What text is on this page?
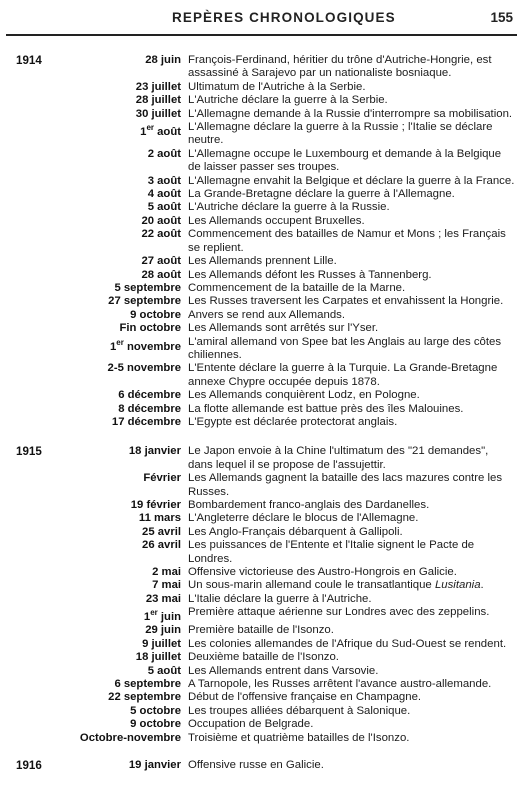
REPÈRES CHRONOLOGIQUES	155
1914	28 juin François-Ferdinand, héritier du trône d'Autriche-Hongrie, est assassiné à Sarajevo par un nationaliste bosniaque.
23 juillet Ultimatum de l'Autriche à la Serbie.
28 juillet L'Autriche déclare la guerre à la Serbie.
30 juillet L'Allemagne demande à la Russie d'interrompre sa mobilisation.
1er août L'Allemagne déclare la guerre à la Russie ; l'Italie se déclare neutre.
2 août L'Allemagne occupe le Luxembourg et demande à la Belgique de laisser passer ses troupes.
3 août L'Allemagne envahit la Belgique et déclare la guerre à la France.
4 août La Grande-Bretagne déclare la guerre à l'Allemagne.
5 août L'Autriche déclare la guerre à la Russie.
20 août Les Allemands occupent Bruxelles.
22 août Commencement des batailles de Namur et Mons ; les Français se replient.
27 août Les Allemands prennent Lille.
28 août Les Allemands défont les Russes à Tannenberg.
5 septembre Commencement de la bataille de la Marne.
27 septembre Les Russes traversent les Carpates et envahissent la Hongrie.
9 octobre Anvers se rend aux Allemands.
Fin octobre Les Allemands sont arrêtés sur l'Yser.
1er novembre L'amiral allemand von Spee bat les Anglais au large des côtes chiliennes.
2-5 novembre L'Entente déclare la guerre à la Turquie. La Grande-Bretagne annexe Chypre occupée depuis 1878.
6 décembre Les Allemands conquièrent Lodz, en Pologne.
8 décembre La flotte allemande est battue près des îles Malouines.
17 décembre L'Egypte est déclarée protectorat anglais.
1915	18 janvier Le Japon envoie à la Chine l'ultimatum des "21 demandes", dans lequel il se propose de l'assujettir.
Février Les Allemands gagnent la bataille des lacs mazures contre les Russes.
19 février Bombardement franco-anglais des Dardanelles.
11 mars L'Angleterre déclare le blocus de l'Allemagne.
25 avril Les Anglo-Français débarquent à Gallipoli.
26 avril Les puissances de l'Entente et l'Italie signent le Pacte de Londres.
2 mai Offensive victorieuse des Austro-Hongrois en Galicie.
7 mai Un sous-marin allemand coule le transatlantique Lusitania.
23 mai L'Italie déclare la guerre à l'Autriche.
1er juin Première attaque aérienne sur Londres avec des zeppelins.
29 juin Première bataille de l'Isonzo.
9 juillet Les colonies allemandes de l'Afrique du Sud-Ouest se rendent.
18 juillet Deuxième bataille de l'Isonzo.
5 août Les Allemands entrent dans Varsovie.
6 septembre A Tarnopole, les Russes arrêtent l'avance austro-allemande.
22 septembre Début de l'offensive française en Champagne.
5 octobre Les troupes alliées débarquent à Salonique.
9 octobre Occupation de Belgrade.
Octobre-novembre Troisième et quatrième batailles de l'Isonzo.
1916	19 janvier Offensive russe en Galicie.
